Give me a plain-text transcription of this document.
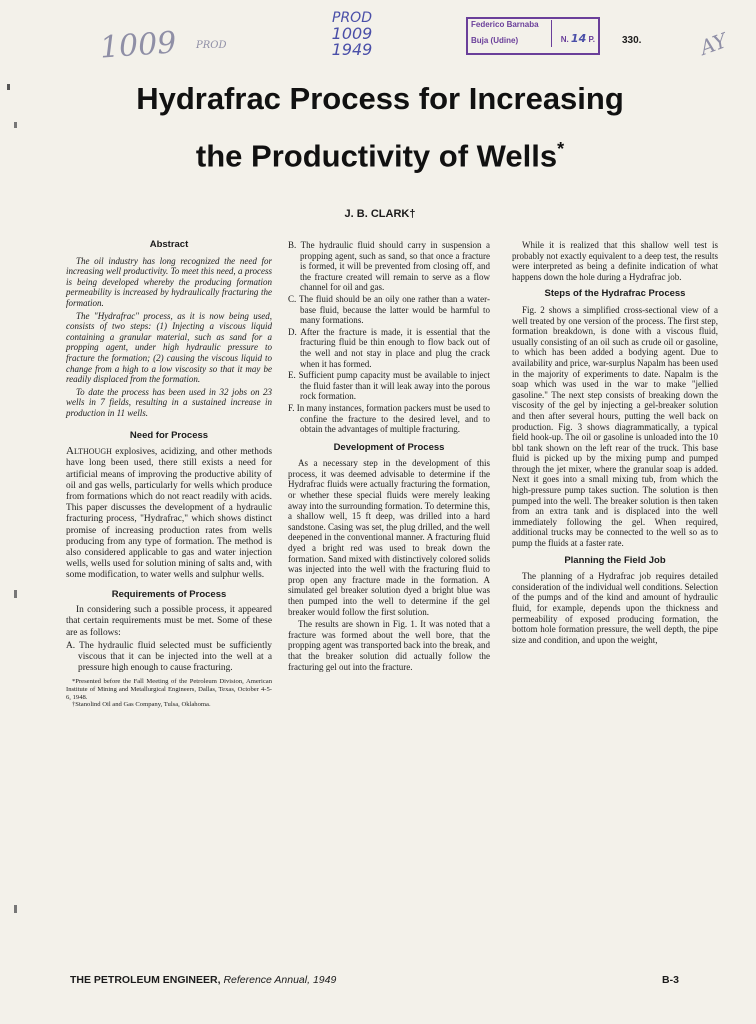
1009 PROD
PROD
1009
1949	AY
Federico Barnaba
Buja (Udine)	N. 14 P.	330.
Hydrafrac Process for Increasing
the Productivity of Wells*
J. B. CLARK†
Abstract

The oil industry has long recognized the need for increasing well productivity. To meet this need, a process is being developed whereby the producing formation permeability is increased by hydraulically fracturing the formation.

The "Hydrafrac" process, as it is now being used, consists of two steps: (1) Injecting a viscous liquid containing a granular material, such as sand for a propping agent, under high hydraulic pressure to fracture the formation; (2) causing the viscous liquid to change from a high to a low viscosity so that it may be readily displaced from the formation.

To date the process has been used in 32 jobs on 23 wells in 7 fields, resulting in a sustained increase in production in 11 wells.

Need for Process

Although explosives, acidizing, and other methods have long been used, there still exists a need for artificial means of improving the productive ability of oil and gas wells, particularly for wells which produce from formations which do not react readily with acids. This paper discusses the development of a hydraulic fracturing process, "Hydrafrac," which shows distinct promise of increasing production rates from wells producing from any type of formation. The method is also considered applicable to gas and water injection wells, wells used for solution mining of salts and, with some modification, to water wells and sulphur wells.

Requirements of Process

In considering such a possible process, it appeared that certain requirements must be met. Some of these are as follows:

A. The hydraulic fluid selected must be sufficiently viscous that it can be injected into the well at a pressure high enough to cause fracturing.

*Presented before the Fall Meeting of the Petroleum Division, American Institute of Mining and Metallurgical Engineers, Dallas, Texas, October 4-5-6, 1948.

†Stanolind Oil and Gas Company, Tulsa, Oklahoma.

B. The hydraulic fluid should carry in suspension a propping agent, such as sand, so that once a fracture is formed, it will be prevented from closing off, and the fracture created will remain to serve as a flow channel for oil and gas.

C. The fluid should be an oily one rather than a water-base fluid, because the latter would be harmful to many formations.

D. After the fracture is made, it is essential that the fracturing fluid be thin enough to flow back out of the well and not stay in place and plug the crack when it has formed.

E. Sufficient pump capacity must be available to inject the fluid faster than it will leak away into the porous rock formation.

F. In many instances, formation packers must be used to confine the fracture to the desired level, and to obtain the advantages of multiple fracturing.

Development of Process

As a necessary step in the development of this process, it was deemed advisable to determine if the Hydrafrac fluids were actually fracturing the formation, or whether these special fluids were merely leaking away into the surrounding formation. To determine this, a shallow well, 15 ft deep, was drilled into a hard sandstone. Casing was set, the plug drilled, and the well deepened in the conventional manner. A fracturing fluid dyed a bright red was used to break down the formation. Sand mixed with distinctively colored solids was injected into the well with the fracturing fluid to prop open any fracture made in the formation. A simulated gel breaker solution dyed a bright blue was then pumped into the well to determine if the gel breaker would follow the first solution.

The results are shown in Fig. 1. It was noted that a fracture was formed about the well bore, that the propping agent was transported back into the break, and that the breaker solution did actually follow the fracturing gel out into the fracture.

While it is realized that this shallow well test is probably not exactly equivalent to a deep test, the results were interpreted as being a definite indication of what happens down the hole during a Hydrafrac job.

Steps of the Hydrafrac Process

Fig. 2 shows a simplified cross-sectional view of a well treated by one version of the process. The first step, formation breakdown, is done with a viscous fluid, usually consisting of an oil such as crude oil or gasoline, to which has been added a bodying agent. Due to availability and price, war-surplus Napalm has been used in the majority of experiments to date. Napalm is the soap which was used in the war to make "jellied gasoline." The next step consists of breaking down the viscosity of the gel by injecting a gel-breaker solution and then after several hours, putting the well back on production. Fig. 3 shows diagrammatically, a typical field hook-up. The oil or gasoline is unloaded into the 10 bbl tank shown on the left rear of the truck. This base fluid is picked up by the mixing pump and pumped through the jet mixer, where the granular soap is added. Next it goes into a small mixing tub, from which the high-pressure pump takes suction. The solution is then pumped into the well. The breaker solution is then taken from an extra tank and is displaced into the well immediately following the gel. When required, additional trucks may be connected to the well so as to pump the fluids at a faster rate.

Planning the Field Job

The planning of a Hydrafrac job requires detailed consideration of the individual well conditions. Selection of the pumps and of the kind and amount of hydraulic fluid, for example, depends upon the thickness and permeability of exposed producing formation, the bottom hole formation pressure, the well depth, the pipe size and condition, and upon the weight,

THE PETROLEUM ENGINEER, Reference Annual, 1949	B-3
